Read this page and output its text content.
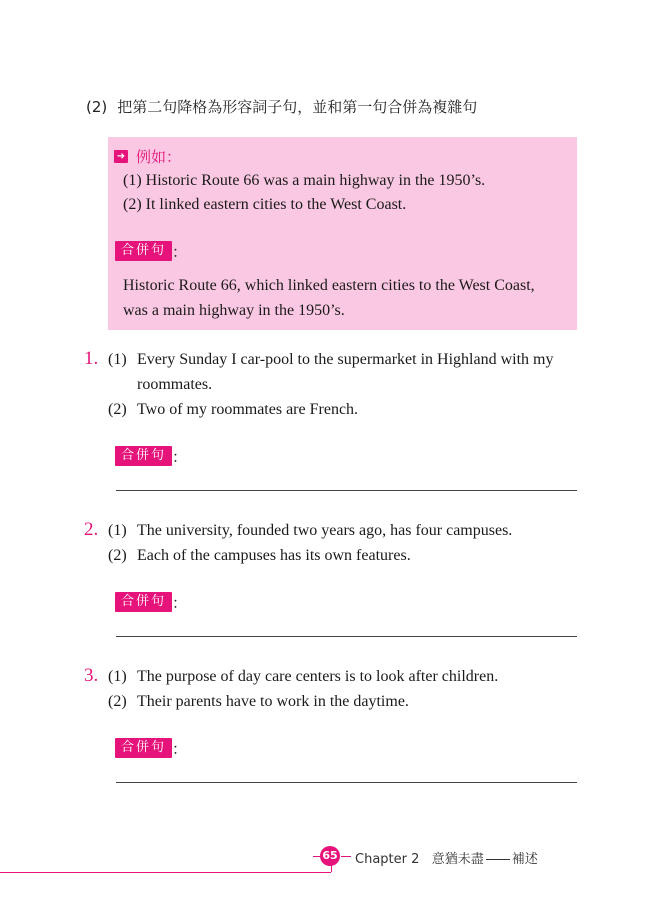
(2) 把第二句降格為形容詞子句，並和第一句合併為複雜句
➜ 例如：
(1) Historic Route 66 was a main highway in the 1950’s.
(2) It linked eastern cities to the West Coast.
合併句 ：
Historic Route 66, which linked eastern cities to the West Coast,
was a main highway in the 1950’s.
1. (1) Every Sunday I car-pool to the supermarket in Highland with my
roommates.
(2) Two of my roommates are French.
合併句 ：
2. (1) The university, founded two years ago, has four campuses.
(2) Each of the campuses has its own features.
合併句 ：
3. (1) The purpose of day care centers is to look after children.
(2) Their parents have to work in the daytime.
合併句 ：
65 Chapter 2 意猶未盡 補述
